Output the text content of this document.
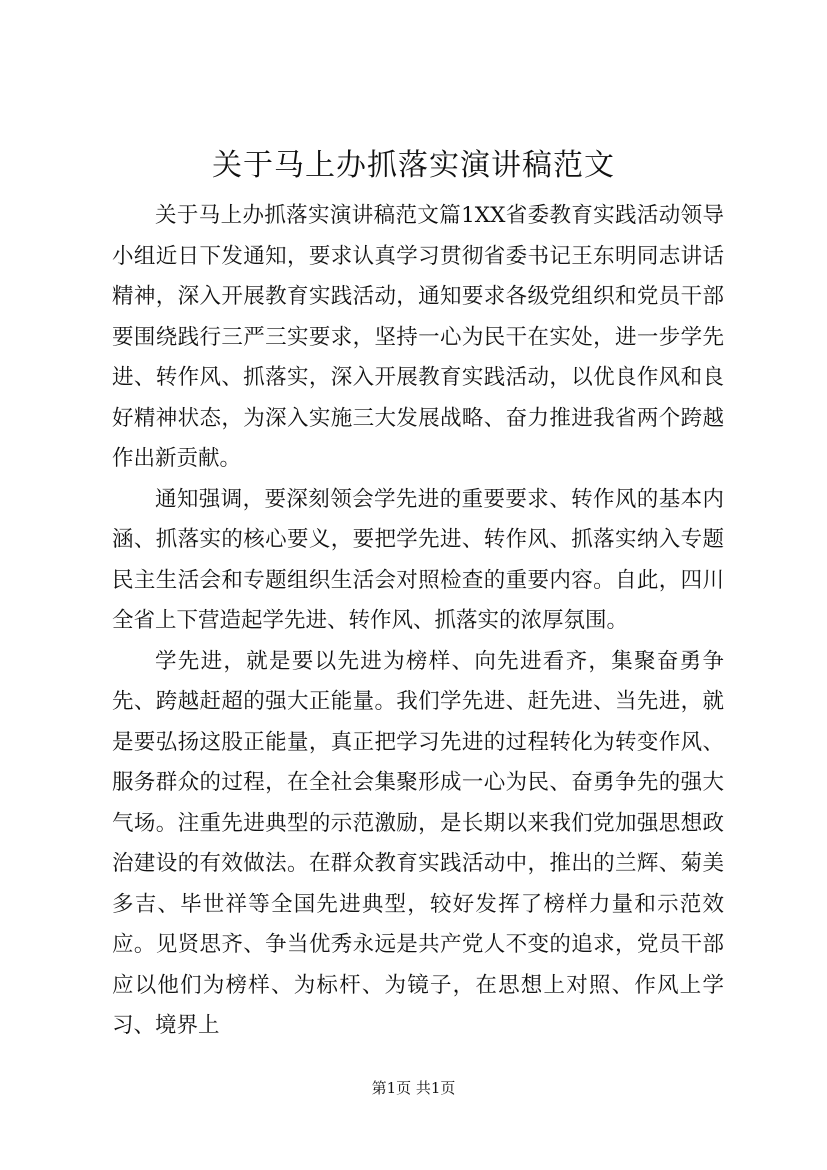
关于马上办抓落实演讲稿范文

关于马上办抓落实演讲稿范文篇1XX省委教育实践活动领导小组近日下发通知，要求认真学习贯彻省委书记王东明同志讲话精神，深入开展教育实践活动，通知要求各级党组织和党员干部要围绕践行三严三实要求，坚持一心为民干在实处，进一步学先进、转作风、抓落实，深入开展教育实践活动，以优良作风和良好精神状态，为深入实施三大发展战略、奋力推进我省两个跨越作出新贡献。

通知强调，要深刻领会学先进的重要要求、转作风的基本内涵、抓落实的核心要义，要把学先进、转作风、抓落实纳入专题民主生活会和专题组织生活会对照检查的重要内容。自此，四川全省上下营造起学先进、转作风、抓落实的浓厚氛围。

学先进，就是要以先进为榜样、向先进看齐，集聚奋勇争先、跨越赶超的强大正能量。我们学先进、赶先进、当先进，就是要弘扬这股正能量，真正把学习先进的过程转化为转变作风、服务群众的过程，在全社会集聚形成一心为民、奋勇争先的强大气场。注重先进典型的示范激励，是长期以来我们党加强思想政治建设的有效做法。在群众教育实践活动中，推出的兰辉、菊美多吉、毕世祥等全国先进典型，较好发挥了榜样力量和示范效应。见贤思齐、争当优秀永远是共产党人不变的追求，党员干部应以他们为榜样、为标杆、为镜子，在思想上对照、作风上学习、境界上

第1页 共1页
